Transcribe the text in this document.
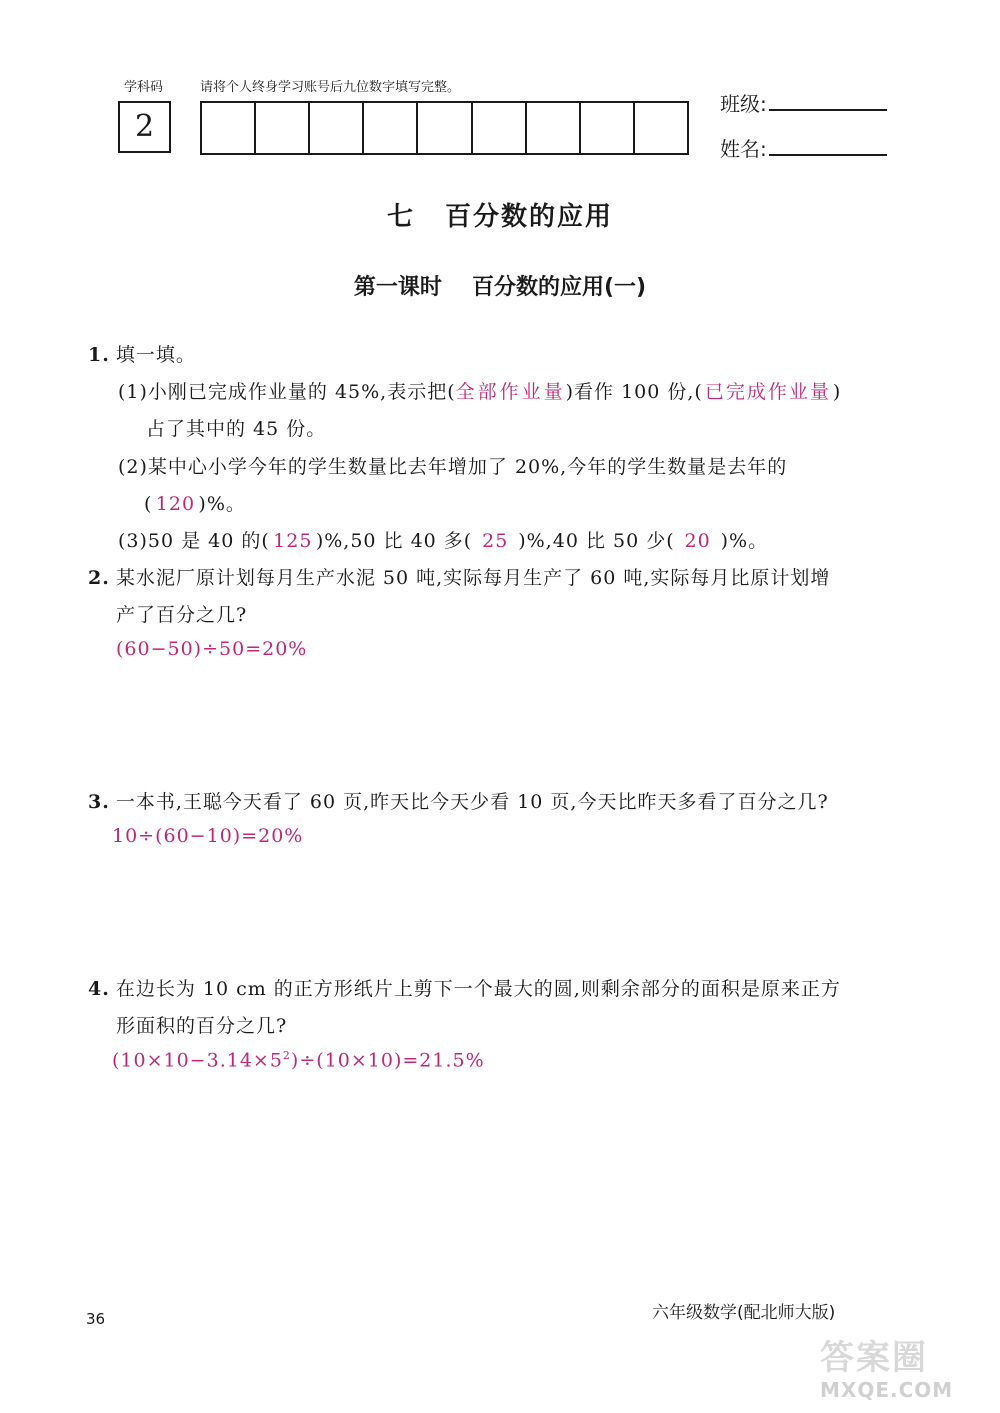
学科码	请将个人终身学习账号后九位数字填写完整。
2
班级:
姓名:
七 百分数的应用
第一课时 百分数的应用(一)
1. 填一填。
(1)小刚已完成作业量的 45%,表示把(全部作业量)看作 100 份,( 已完成作业量 )
占了其中的 45 份。
(2)某中心小学今年的学生数量比去年增加了 20%,今年的学生数量是去年的
( 120 )%。
(3)50 是 40 的( 125 )%,50 比 40 多( 25 )%,40 比 50 少( 20 )%。
2. 某水泥厂原计划每月生产水泥 50 吨,实际每月生产了 60 吨,实际每月比原计划增
产了百分之几?
(60−50)÷50=20%
3. 一本书,王聪今天看了 60 页,昨天比今天少看 10 页,今天比昨天多看了百分之几?
10÷(60−10)=20%
4. 在边长为 10 cm 的正方形纸片上剪下一个最大的圆,则剩余部分的面积是原来正方
形面积的百分之几?
$(10\times 10-3.14\times 5^2)\div(10\times 10)=21.5\%$
36	六年级数学(配北师大版)
答案圈
MXQE.COM
